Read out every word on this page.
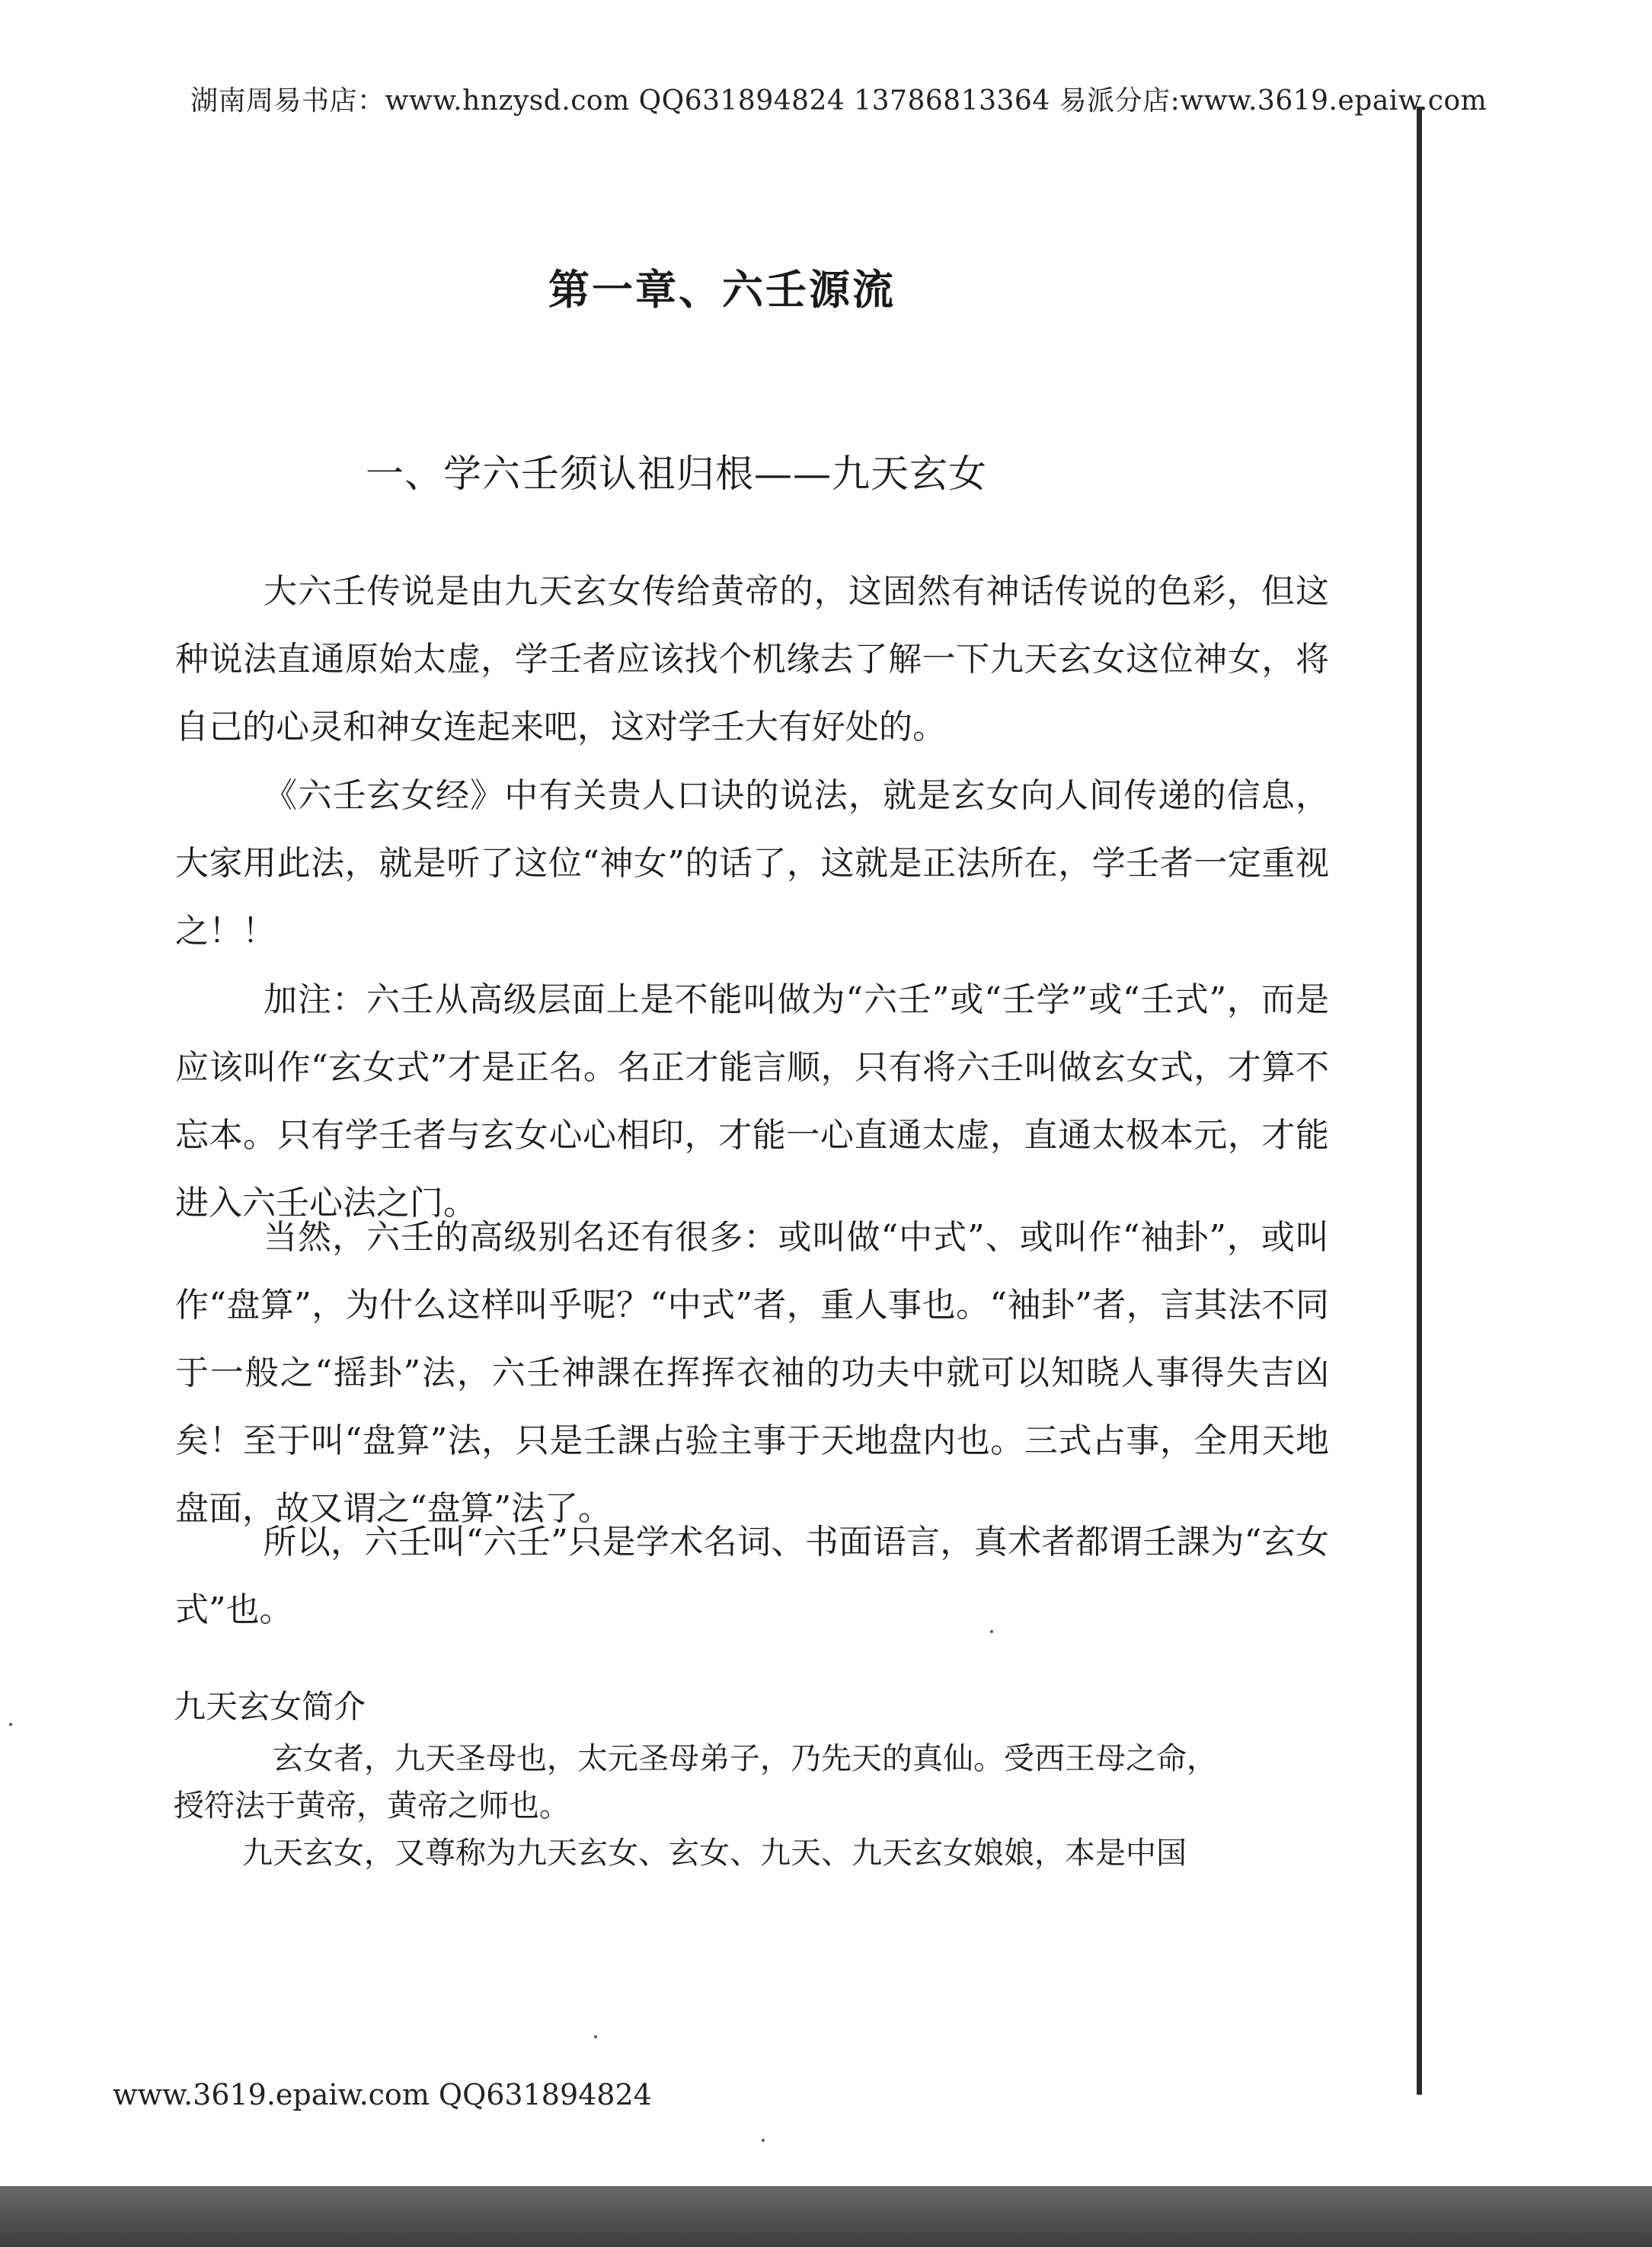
湖南周易书店：www.hnzysd.com QQ631894824 13786813364 易派分店:www.3619.epaiw.com
第一章、六壬源流
一、学六壬须认祖归根——九天玄女

大六壬传说是由九天玄女传给黄帝的，这固然有神话传说的色彩，但这种说法直通原始太虚，学壬者应该找个机缘去了解一下九天玄女这位神女，将自己的心灵和神女连起来吧，这对学壬大有好处的。

《六壬玄女经》中有关贵人口诀的说法，就是玄女向人间传递的信息，大家用此法，就是听了这位“神女”的话了，这就是正法所在，学壬者一定重视之！！

加注：六壬从高级层面上是不能叫做为“六壬”或“壬学”或“壬式”，而是应该叫作“玄女式”才是正名。名正才能言顺，只有将六壬叫做玄女式，才算不忘本。只有学壬者与玄女心心相印，才能一心直通太虚，直通太极本元，才能进入六壬心法之门。

当然，六壬的高级别名还有很多：或叫做“中式”、或叫作“袖卦”，或叫作“盘算”，为什么这样叫乎呢？“中式”者，重人事也。“袖卦”者，言其法不同于一般之“摇卦”法，六壬神課在挥挥衣袖的功夫中就可以知晓人事得失吉凶矣！至于叫“盘算”法，只是壬課占验主事于天地盘内也。三式占事，全用天地盘面，故又谓之“盘算”法了。

所以，六壬叫“六壬”只是学术名词、书面语言，真术者都谓壬課为“玄女式”也。

九天玄女简介

玄女者，九天圣母也，太元圣母弟子，乃先天的真仙。受西王母之命，

授符法于黄帝，黄帝之师也。

九天玄女，又尊称为九天玄女、玄女、九天、九天玄女娘娘，本是中国

www.3619.epaiw.com QQ631894824
